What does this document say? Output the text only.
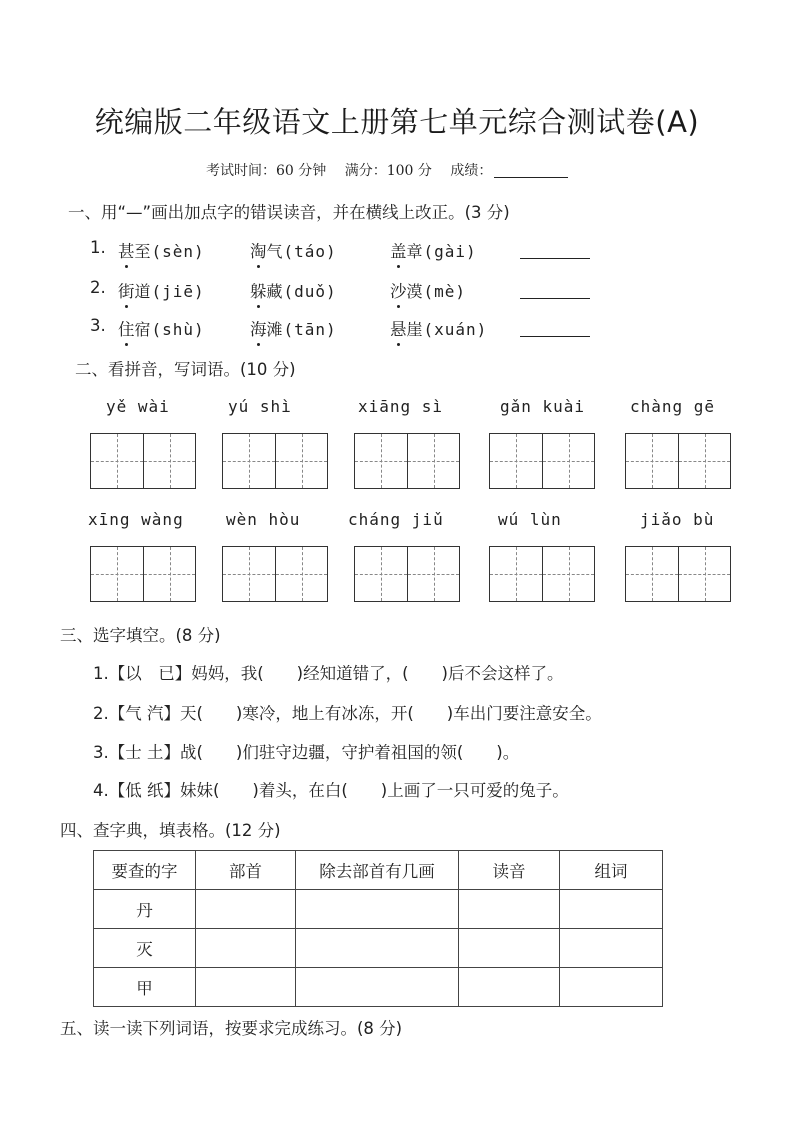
统编版二年级语文上册第七单元综合测试卷(A)
考试时间：60 分钟 满分：100 分 成绩：
一、用“—”画出加点字的错误读音，并在横线上改正。(3 分)
1. 甚至(sèn)	淘气(táo)	盖章(gài)
2. 街道(jiē)	躲藏(duǒ)	沙漠(mè)
3. 住宿(shù)	海滩(tān)	悬崖(xuán)
二、看拼音，写词语。(10 分)
yě wài	yú shì	xiāng sì	gǎn kuài	chàng gē
xīng wàng	wèn hòu	cháng jiǔ	wú lùn	jiǎo bù
三、选字填空。(8 分)
1.【以　已】妈妈，我(　　)经知道错了，(　　)后不会这样了。
2.【气 汽】天(　　)寒冷，地上有冰冻，开(　　)车出门要注意安全。
3.【士 土】战(　　)们驻守边疆，守护着祖国的领(　　)。
4.【低 纸】妹妹(　　)着头，在白(　　)上画了一只可爱的兔子。
四、查字典，填表格。(12 分)
要查的字	部首	除去部首有几画	读音	组词
丹				
灭				
甲				
五、读一读下列词语，按要求完成练习。(8 分)
